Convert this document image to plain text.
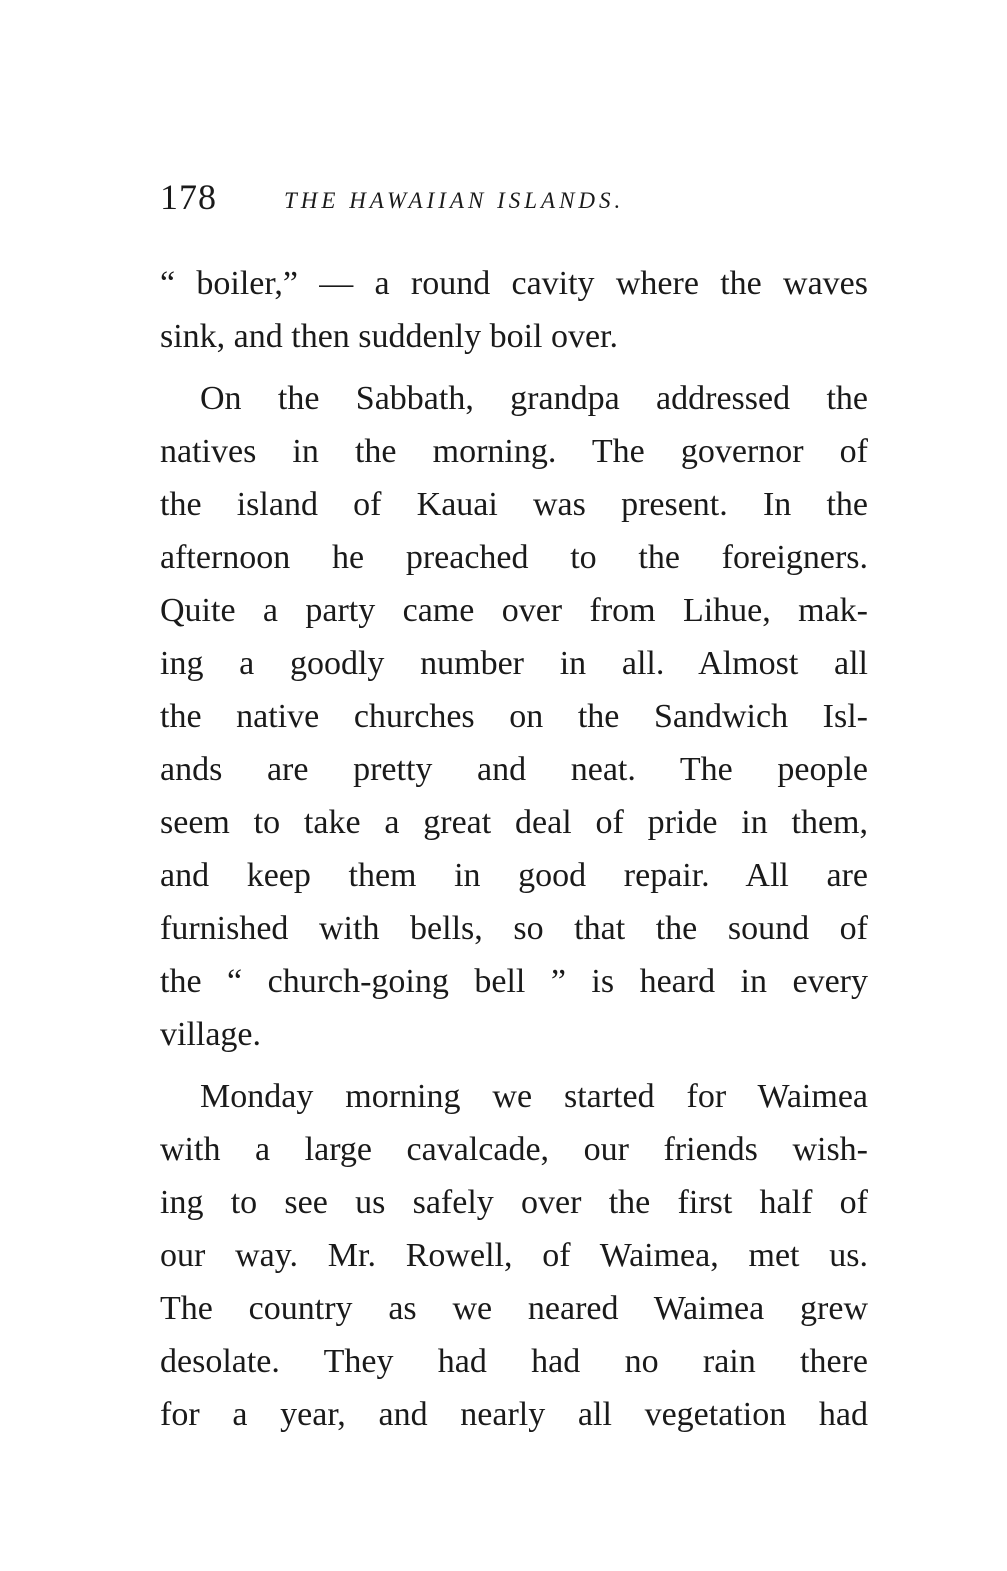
178	THE HAWAIIAN ISLANDS.
“ boiler,” — a round cavity where the waves
sink, and then suddenly boil over.
On the Sabbath, grandpa addressed the
natives in the morning. The governor of
the island of Kauai was present. In the
afternoon he preached to the foreigners.
Quite a party came over from Lihue, mak-
ing a goodly number in all. Almost all
the native churches on the Sandwich Isl-
ands are pretty and neat. The people
seem to take a great deal of pride in them,
and keep them in good repair. All are
furnished with bells, so that the sound of
the “ church-going bell ” is heard in every
village.
Monday morning we started for Waimea
with a large cavalcade, our friends wish-
ing to see us safely over the first half of
our way. Mr. Rowell, of Waimea, met us.
The country as we neared Waimea grew
desolate. They had had no rain there
for a year, and nearly all vegetation had
